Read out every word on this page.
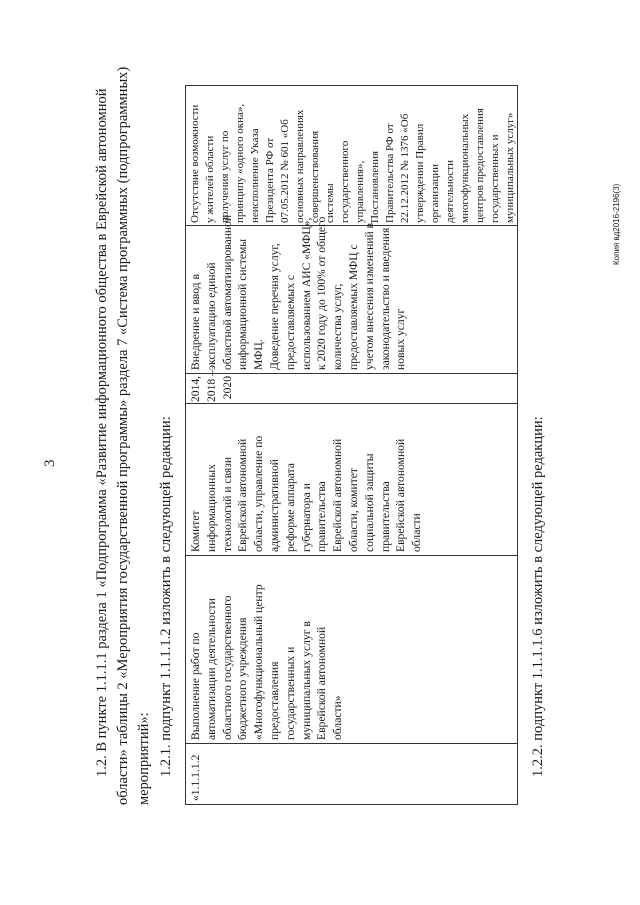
3 1.2. В пункте 1.1.1.1 раздела 1 «Подпрограмма «Развитие информационного общества в Еврейской автономной области» таблицы 2 «Мероприятия государственной программы» раздела 7 «Система программных (подпрограммных) мероприятий»: 1.2.1. подпункт 1.1.1.1.2 изложить в следующей редакции:
«1.1.1.1.2
Выполнение работ по автоматизации деятельности областного государственного бюджетного учреждения «Многофункциональный центр предоставления государственных и муниципальных услуг в Еврейской автономной области»
Комитет информационных технологий и связи Еврейской автономной области, управление по административной реформе аппарата губернатора и правительства Еврейской автономной области, комитет социальной защиты правительства Еврейской автономной области
2014, 2018 – 2020
Внедрение и ввод в эксплуатацию единой областной автоматизированной информационной системы МФЦ. Доведение перечня услуг, предоставляемых с использованием АИС «МФЦ», к 2020 году до 100% от общего количества услуг, предоставляемых МФЦ с учетом внесения изменений в законодательство и введения новых услуг
Отсутствие возможности у жителей области получения услуг по принципу «одного окна», неисполнение Указа Президента РФ от 07.05.2012 № 601 «Об основных направлениях совершенствования системы государственного управления», Постановления Правительства РФ от 22.12.2012 № 1376 «Об утверждении Правил организации деятельности многофункциональных центров предоставления государственных и муниципальных услуг»
1.2.2. подпункт 1.1.1.1.6 изложить в следующей редакции:
Копия вд2016-2196(3)
